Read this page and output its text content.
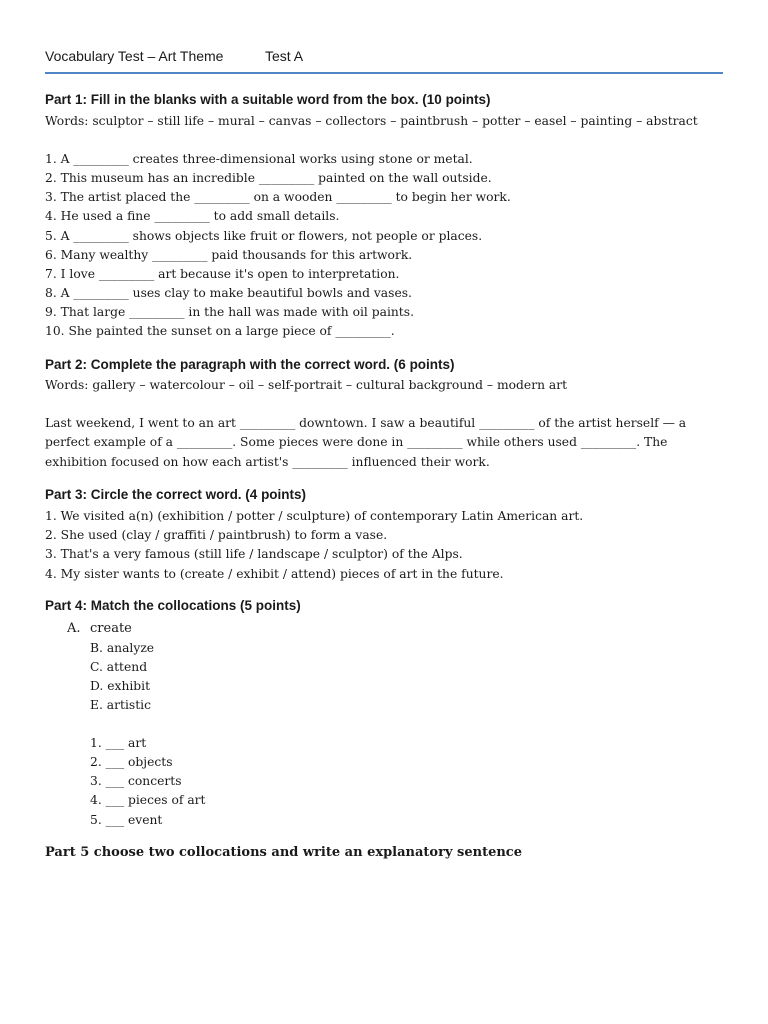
Vocabulary Test – Art Theme	Test A
Part 1: Fill in the blanks with a suitable word from the box. (10 points)
Words: sculptor – still life – mural – canvas – collectors – paintbrush – potter – easel – painting – abstract
1. A _________ creates three-dimensional works using stone or metal.
2. This museum has an incredible _________ painted on the wall outside.
3. The artist placed the _________ on a wooden _________ to begin her work.
4. He used a fine _________ to add small details.
5. A _________ shows objects like fruit or flowers, not people or places.
6. Many wealthy _________ paid thousands for this artwork.
7. I love _________ art because it's open to interpretation.
8. A _________ uses clay to make beautiful bowls and vases.
9. That large _________ in the hall was made with oil paints.
10. She painted the sunset on a large piece of _________.
Part 2: Complete the paragraph with the correct word. (6 points)
Words: gallery – watercolour – oil – self-portrait – cultural background – modern art
Last weekend, I went to an art _________ downtown. I saw a beautiful _________ of the artist herself — a perfect example of a _________. Some pieces were done in _________ while others used _________. The exhibition focused on how each artist's _________ influenced their work.
Part 3: Circle the correct word. (4 points)
1. We visited a(n) (exhibition / potter / sculpture) of contemporary Latin American art.
2. She used (clay / graffiti / paintbrush) to form a vase.
3. That's a very famous (still life / landscape / sculptor) of the Alps.
4. My sister wants to (create / exhibit / attend) pieces of art in the future.
Part 4: Match the collocations (5 points)
A. create
B. analyze
C. attend
D. exhibit
E. artistic
1. ___ art
2. ___ objects
3. ___ concerts
4. ___ pieces of art
5. ___ event
Part 5 choose two collocations and write an explanatory sentence
